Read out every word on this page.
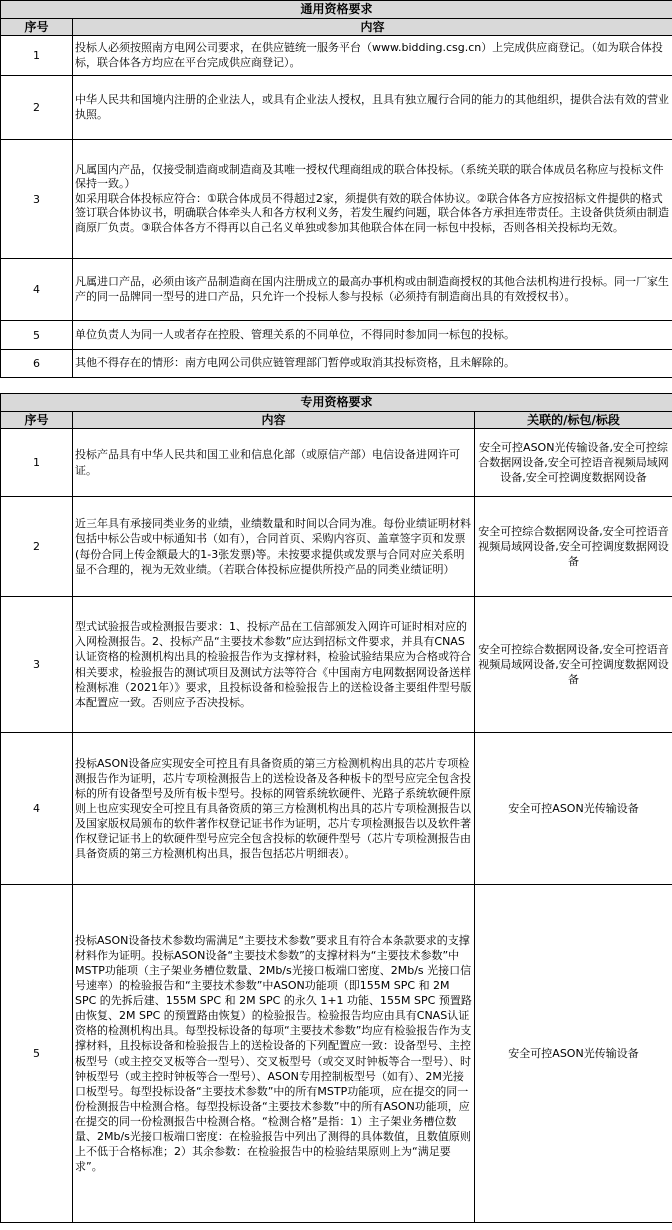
通用资格要求	
序号	内容
1	投标人必须按照南方电网公司要求，在供应链统一服务平台（www.bidding.csg.cn）上完成供应商登记。（如为联合体投标，联合体各方均应在平台完成供应商登记）。
2	中华人民共和国境内注册的企业法人，或具有企业法人授权，且具有独立履行合同的能力的其他组织，提供合法有效的营业执照。
3	凡属国内产品，仅接受制造商或制造商及其唯一授权代理商组成的联合体投标。（系统关联的联合体成员名称应与投标文件保持一致。）
如采用联合体投标应符合：①联合体成员不得超过2家，须提供有效的联合体协议。②联合体各方应按招标文件提供的格式签订联合体协议书，明确联合体牵头人和各方权利义务，若发生履约问题，联合体各方承担连带责任。主设备供货须由制造商原厂负责。③联合体各方不得再以自己名义单独或参加其他联合体在同一标包中投标，否则各相关投标均无效。
4	凡属进口产品，必须由该产品制造商在国内注册成立的最高办事机构或由制造商授权的其他合法机构进行投标。同一厂家生产的同一品牌同一型号的进口产品，只允许一个投标人参与投标（必须持有制造商出具的有效授权书）。
5	单位负责人为同一人或者存在控股、管理关系的不同单位，不得同时参加同一标包的投标。
6	其他不得存在的情形：南方电网公司供应链管理部门暂停或取消其投标资格，且未解除的。
专用资格要求		
序号	内容	关联的/标包/标段
1	投标产品具有中华人民共和国工业和信息化部（或原信产部）电信设备进网许可证。	安全可控ASON光传输设备,安全可控综合数据网设备,安全可控语音视频局域网设备,安全可控调度数据网设备
2	近三年具有承接同类业务的业绩，业绩数量和时间以合同为准。每份业绩证明材料包括中标公告或中标通知书（如有），合同首页、采购内容页、盖章签字页和发票(每份合同上传金额最大的1-3张发票)等。未按要求提供或发票与合同对应关系明显不合理的，视为无效业绩。（若联合体投标应提供所投产品的同类业绩证明）	安全可控综合数据网设备,安全可控语音视频局域网设备,安全可控调度数据网设备
3	型式试验报告或检测报告要求：1、投标产品在工信部颁发入网许可证时相对应的入网检测报告。2、投标产品“主要技术参数”应达到招标文件要求，并具有CNAS认证资格的检测机构出具的检验报告作为支撑材料，检验试验结果应为合格或符合相关要求，检验报告的测试项目及测试方法等符合《中国南方电网数据网设备送样检测标准（2021年）》要求，且投标设备和检验报告上的送检设备主要组件型号版本配置应一致。否则应予否决投标。	安全可控综合数据网设备,安全可控语音视频局域网设备,安全可控调度数据网设备
4	投标ASON设备应实现安全可控且有具备资质的第三方检测机构出具的芯片专项检测报告作为证明，芯片专项检测报告上的送检设备及各种板卡的型号应完全包含投标的所有设备型号及所有板卡型号。投标的网管系统软硬件、光路子系统软硬件原则上也应实现安全可控且有具备资质的第三方检测机构出具的芯片专项检测报告以及国家版权局颁布的软件著作权登记证书作为证明，芯片专项检测报告以及软件著作权登记证书上的软硬件型号应完全包含投标的软硬件型号（芯片专项检测报告由具备资质的第三方检测机构出具，报告包括芯片明细表）。	安全可控ASON光传输设备
5	投标ASON设备技术参数均需满足“主要技术参数”要求且有符合本条款要求的支撑材料作为证明。投标ASON设备“主要技术参数”的支撑材料为“主要技术参数”中MSTP功能项（主子架业务槽位数量、2Mb/s光接口板端口密度、2Mb/s 光接口信号速率）的检验报告和“主要技术参数”中ASON功能项（即155M SPC 和 2M SPC 的先拆后建、155M SPC 和 2M SPC 的永久 1+1 功能、155M SPC 预置路由恢复、2M SPC 的预置路由恢复）的检验报告。检验报告均应由具有CNAS认证资格的检测机构出具。每型投标设备的每项“主要技术参数”均应有检验报告作为支撑材料，且投标设备和检验报告上的送检设备的下列配置应一致：设备型号、主控板型号（或主控交叉板等合一型号）、交叉板型号（或交叉时钟板等合一型号）、时钟板型号（或主控时钟板等合一型号）、ASON专用控制板型号（如有）、2M光接口板型号。每型投标设备“主要技术参数”中的所有MSTP功能项，应在提交的同一份检测报告中检测合格。每型投标设备“主要技术参数”中的所有ASON功能项，应在提交的同一份检测报告中检测合格。“检测合格”是指：1）主子架业务槽位数量、2Mb/s光接口板端口密度：在检验报告中列出了测得的具体数值，且数值原则上不低于合格标准；2）其余参数：在检验报告中的检验结果原则上为“满足要求”。	安全可控ASON光传输设备
